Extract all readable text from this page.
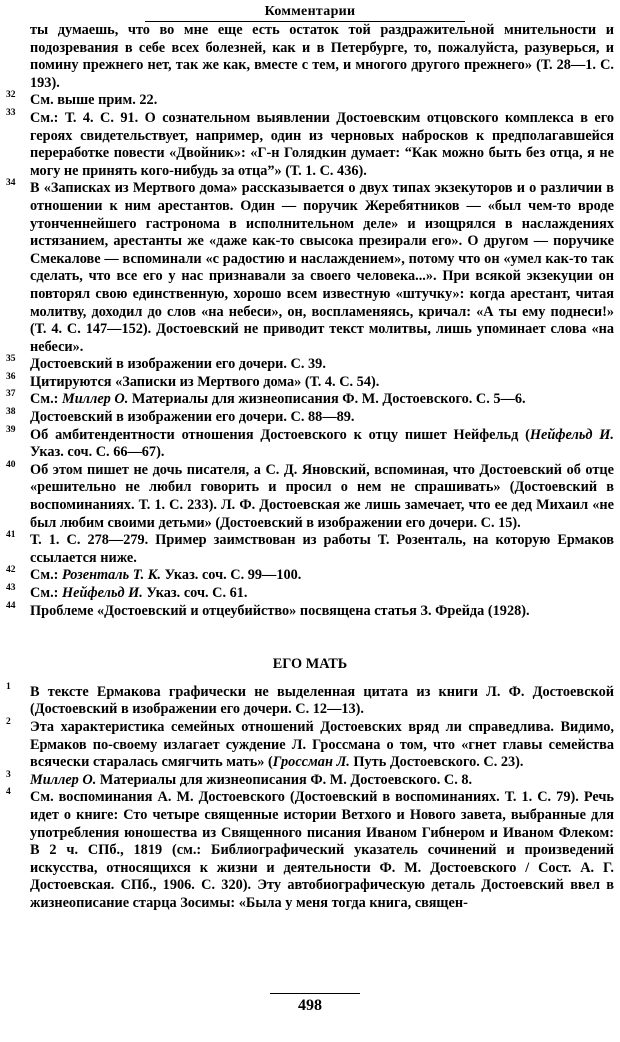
Комментарии
ты думаешь, что во мне еще есть остаток той раздражительной мнительности и подозревания в себе всех болезней, как и в Петербурге, то, пожалуйста, разуверься, и помину прежнего нет, так же как, вместе с тем, и многого другого прежнего» (Т. 28—1. С. 193).
32 См. выше прим. 22.
33 См.: Т. 4. С. 91. О сознательном выявлении Достоевским отцовского комплекса в его героях свидетельствует, например, один из черновых набросков к предполагавшейся переработке повести «Двойник»: «Г-н Голядкин думает: “Как можно быть без отца, я не могу не принять кого-нибудь за отца”» (Т. 1. С. 436).
34 В «Записках из Мертвого дома» рассказывается о двух типах экзекуторов и о различии в отношении к ним арестантов. Один — поручик Жеребятников — «был чем-то вроде утонченнейшего гастронома в исполнительном деле» и изощрялся в наслаждениях истязанием, арестанты же «даже как-то свысока презирали его». О другом — поручике Смекалове — вспоминали «с радостию и наслаждением», потому что он «умел как-то так сделать, что все его у нас признавали за своего человека...». При всякой экзекуции он повторял свою единственную, хорошо всем известную «штучку»: когда арестант, читая молитву, доходил до слов «на небеси», он, воспламеняясь, кричал: «А ты ему поднеси!» (Т. 4. С. 147—152). Достоевский не приводит текст молитвы, лишь упоминает слова «на небеси».
35 Достоевский в изображении его дочери. С. 39.
36 Цитируются «Записки из Мертвого дома» (Т. 4. С. 54).
37 См.: Миллер О. Материалы для жизнеописания Ф. М. Достоевского. С. 5—6.
38 Достоевский в изображении его дочери. С. 88—89.
39 Об амбитендентности отношения Достоевского к отцу пишет Нейфельд (Нейфельд И. Указ. соч. С. 66—67).
40 Об этом пишет не дочь писателя, а С. Д. Яновский, вспоминая, что Достоевский об отце «решительно не любил говорить и просил о нем не спрашивать» (Достоевский в воспоминаниях. Т. 1. С. 233). Л. Ф. Достоевская же лишь замечает, что ее дед Михаил «не был любим своими детьми» (Достоевский в изображении его дочери. С. 15).
41 Т. 1. С. 278—279. Пример заимствован из работы Т. Розенталь, на которую Ермаков ссылается ниже.
42 См.: Розенталь Т. К. Указ. соч. С. 99—100.
43 См.: Нейфельд И. Указ. соч. С. 61.
44 Проблеме «Достоевский и отцеубийство» посвящена статья З. Фрейда (1928).
ЕГО МАТЬ
1 В тексте Ермакова графически не выделенная цитата из книги Л. Ф. Достоевской (Достоевский в изображении его дочери. С. 12—13).
2 Эта характеристика семейных отношений Достоевских вряд ли справедлива. Видимо, Ермаков по-своему излагает суждение Л. Гроссмана о том, что «гнет главы семейства всячески старалась смягчить мать» (Гроссман Л. Путь Достоевского. С. 23).
3 Миллер О. Материалы для жизнеописания Ф. М. Достоевского. С. 8.
4 См. воспоминания А. М. Достоевского (Достоевский в воспоминаниях. Т. 1. С. 79). Речь идет о книге: Сто четыре священные истории Ветхого и Нового завета, выбранные для употребления юношества из Священного писания Иваном Гибнером и Иваном Флеком: В 2 ч. СПб., 1819 (см.: Библиографический указатель сочинений и произведений искусства, относящихся к жизни и деятельности Ф. М. Достоевского / Сост. А. Г. Достоевская. СПб., 1906. С. 320). Эту автобиографическую деталь Достоевский ввел в жизнеописание старца Зосимы: «Была у меня тогда книга, священ-
498
